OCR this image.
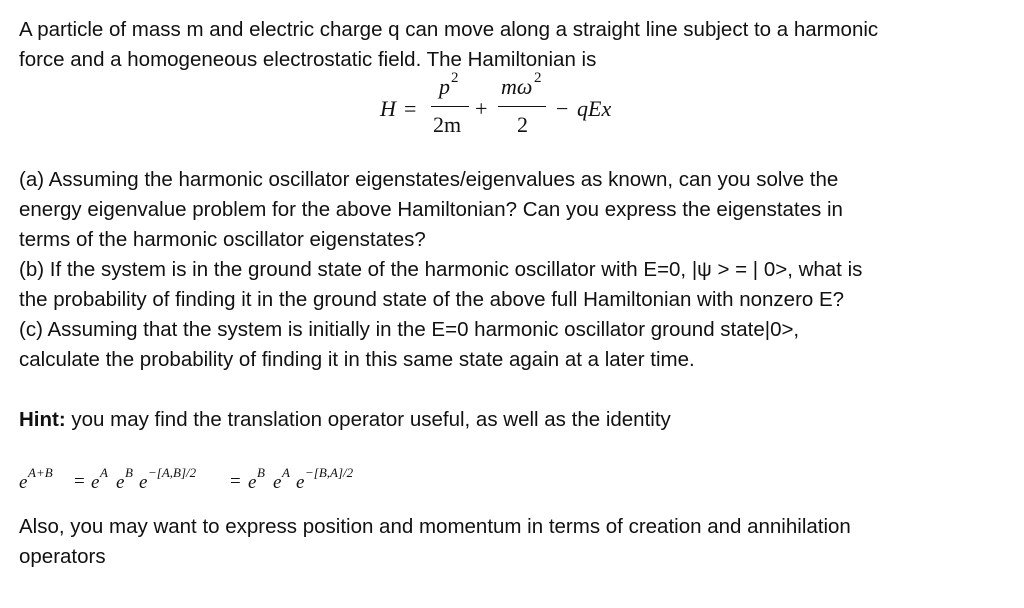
A particle of mass m and electric charge q can move along a straight line subject to a harmonic
force and a homogeneous electrostatic field. The Hamiltonian is
H =
p 2
2m
+
mω 2
2
− qEx
(a) Assuming the harmonic oscillator eigenstates/eigenvalues as known, can you solve the
energy eigenvalue problem for the above Hamiltonian? Can you express the eigenstates in
terms of the harmonic oscillator eigenstates?
(b) If the system is in the ground state of the harmonic oscillator with E=0, |ψ > = | 0>, what is
the probability of finding it in the ground state of the above full Hamiltonian with nonzero E?
(c) Assuming that the system is initially in the E=0 harmonic oscillator ground state|0>,
calculate the probability of finding it in this same state again at a later time.
Hint: you may find the translation operator useful, as well as the identity
e A+B = e A e B e −[A,B]/2 = e B e A e −[B,A]/2
Also, you may want to express position and momentum in terms of creation and annihilation
operators
